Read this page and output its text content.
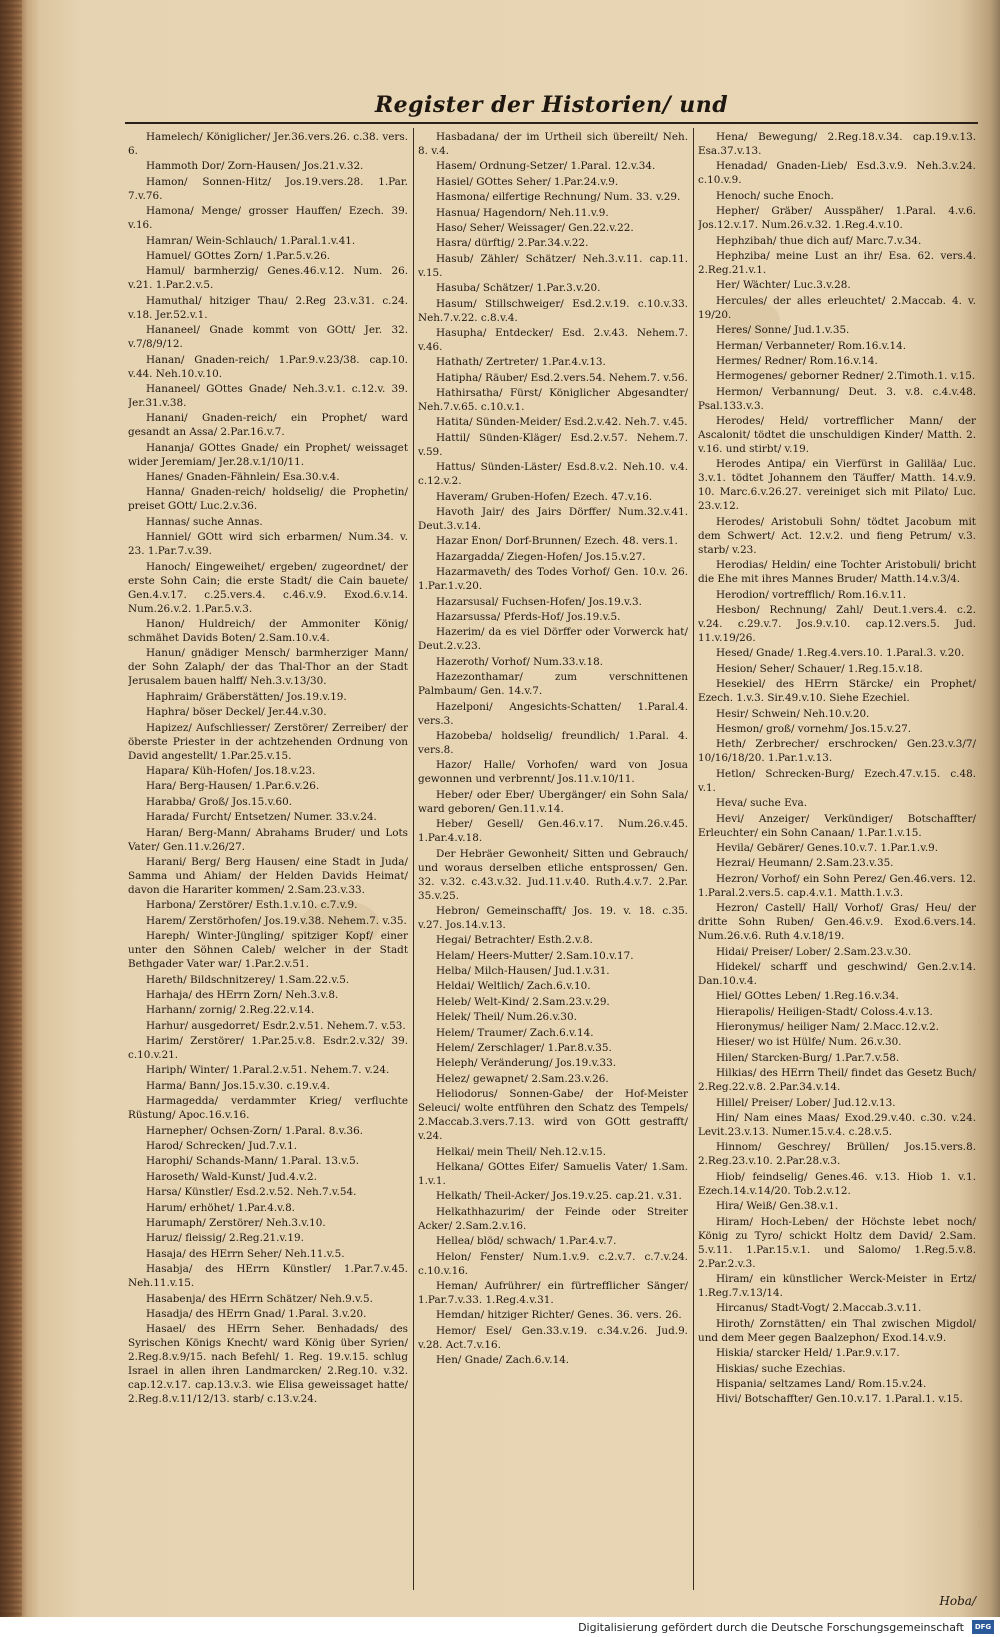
Register der Historien/ und

Hamelech/ Königlicher/ Jer.36.vers.26. c.38. vers. 6.

Hammoth Dor/ Zorn-Hausen/ Jos.21.v.32.

Hamon/ Sonnen-Hitz/ Jos.19.vers.28. 1.Par. 7.v.76.

Hamona/ Menge/ grosser Hauffen/ Ezech. 39. v.16.

Hamran/ Wein-Schlauch/ 1.Paral.1.v.41.

Hamuel/ GOttes Zorn/ 1.Par.5.v.26.

Hamul/ barmherzig/ Genes.46.v.12. Num. 26. v.21. 1.Par.2.v.5.

Hamuthal/ hitziger Thau/ 2.Reg 23.v.31. c.24. v.18. Jer.52.v.1.

Hananeel/ Gnade kommt von GOtt/ Jer. 32. v.7/8/9/12.

Hanan/ Gnaden-reich/ 1.Par.9.v.23/38. cap.10. v.44. Neh.10.v.10.

Hananeel/ GOttes Gnade/ Neh.3.v.1. c.12.v. 39. Jer.31.v.38.

Hanani/ Gnaden-reich/ ein Prophet/ ward gesandt an Assa/ 2.Par.16.v.7.

Hananja/ GOttes Gnade/ ein Prophet/ weissaget wider Jeremiam/ Jer.28.v.1/10/11.

Hanes/ Gnaden-Fähnlein/ Esa.30.v.4.

Hanna/ Gnaden-reich/ holdselig/ die Prophetin/ preiset GOtt/ Luc.2.v.36.

Hannas/ suche Annas.

Hanniel/ GOtt wird sich erbarmen/ Num.34. v. 23. 1.Par.7.v.39.

Hanoch/ Eingeweihet/ ergeben/ zugeordnet/ der erste Sohn Cain; die erste Stadt/ die Cain bauete/ Gen.4.v.17. c.25.vers.4. c.46.v.9. Exod.6.v.14. Num.26.v.2. 1.Par.5.v.3.

Hanon/ Huldreich/ der Ammoniter König/ schmähet Davids Boten/ 2.Sam.10.v.4.

Hanun/ gnädiger Mensch/ barmherziger Mann/ der Sohn Zalaph/ der das Thal-Thor an der Stadt Jerusalem bauen halff/ Neh.3.v.13/30.

Haphraim/ Gräberstätten/ Jos.19.v.19.

Haphra/ böser Deckel/ Jer.44.v.30.

Hapizez/ Aufschliesser/ Zerstörer/ Zerreiber/ der öberste Priester in der achtzehenden Ordnung von David angestellt/ 1.Par.25.v.15.

Hapara/ Küh-Hofen/ Jos.18.v.23.

Hara/ Berg-Hausen/ 1.Par.6.v.26.

Harabba/ Groß/ Jos.15.v.60.

Harada/ Furcht/ Entsetzen/ Numer. 33.v.24.

Haran/ Berg-Mann/ Abrahams Bruder/ und Lots Vater/ Gen.11.v.26/27.

Harani/ Berg/ Berg Hausen/ eine Stadt in Juda/ Samma und Ahiam/ der Helden Davids Heimat/ davon die Harariter kommen/ 2.Sam.23.v.33.

Harbona/ Zerstörer/ Esth.1.v.10. c.7.v.9.

Harem/ Zerstörhofen/ Jos.19.v.38. Nehem.7. v.35.

Hareph/ Winter-Jüngling/ spitziger Kopf/ einer unter den Söhnen Caleb/ welcher in der Stadt Bethgader Vater war/ 1.Par.2.v.51.

Hareth/ Bildschnitzerey/ 1.Sam.22.v.5.

Harhaja/ des HErrn Zorn/ Neh.3.v.8.

Harhann/ zornig/ 2.Reg.22.v.14.

Harhur/ ausgedorret/ Esdr.2.v.51. Nehem.7. v.53.

Harim/ Zerstörer/ 1.Par.25.v.8. Esdr.2.v.32/ 39. c.10.v.21.

Hariph/ Winter/ 1.Paral.2.v.51. Nehem.7. v.24.

Harma/ Bann/ Jos.15.v.30. c.19.v.4.

Harmagedda/ verdammter Krieg/ verfluchte Rüstung/ Apoc.16.v.16.

Harnepher/ Ochsen-Zorn/ 1.Paral. 8.v.36.

Harod/ Schrecken/ Jud.7.v.1.

Harophi/ Schands-Mann/ 1.Paral. 13.v.5.

Haroseth/ Wald-Kunst/ Jud.4.v.2.

Harsa/ Künstler/ Esd.2.v.52. Neh.7.v.54.

Harum/ erhöhet/ 1.Par.4.v.8.

Harumaph/ Zerstörer/ Neh.3.v.10.

Haruz/ fleissig/ 2.Reg.21.v.19.

Hasaja/ des HErrn Seher/ Neh.11.v.5.

Hasabja/ des HErrn Künstler/ 1.Par.7.v.45. Neh.11.v.15.

Hasabenja/ des HErrn Schätzer/ Neh.9.v.5.

Hasadja/ des HErrn Gnad/ 1.Paral. 3.v.20.

Hasael/ des HErrn Seher. Benhadads/ des Syrischen Königs Knecht/ ward König über Syrien/ 2.Reg.8.v.9/15. nach Befehl/ 1. Reg. 19.v.15. schlug Israel in allen ihren Landmarcken/ 2.Reg.10. v.32. cap.12.v.17. cap.13.v.3. wie Elisa geweissaget hatte/ 2.Reg.8.v.11/12/13. starb/ c.13.v.24.

Hasbadana/ der im Urtheil sich übereilt/ Neh. 8. v.4.

Hasem/ Ordnung-Setzer/ 1.Paral. 12.v.34.

Hasiel/ GOttes Seher/ 1.Par.24.v.9.

Hasmona/ eilfertige Rechnung/ Num. 33. v.29.

Hasnua/ Hagendorn/ Neh.11.v.9.

Haso/ Seher/ Weissager/ Gen.22.v.22.

Hasra/ dürftig/ 2.Par.34.v.22.

Hasub/ Zähler/ Schätzer/ Neh.3.v.11. cap.11. v.15.

Hasuba/ Schätzer/ 1.Par.3.v.20.

Hasum/ Stillschweiger/ Esd.2.v.19. c.10.v.33. Neh.7.v.22. c.8.v.4.

Hasupha/ Entdecker/ Esd. 2.v.43. Nehem.7. v.46.

Hathath/ Zertreter/ 1.Par.4.v.13.

Hatipha/ Räuber/ Esd.2.vers.54. Nehem.7. v.56.

Hathirsatha/ Fürst/ Königlicher Abgesandter/ Neh.7.v.65. c.10.v.1.

Hatita/ Sünden-Meider/ Esd.2.v.42. Neh.7. v.45.

Hattil/ Sünden-Kläger/ Esd.2.v.57. Nehem.7. v.59.

Hattus/ Sünden-Läster/ Esd.8.v.2. Neh.10. v.4. c.12.v.2.

Haveram/ Gruben-Hofen/ Ezech. 47.v.16.

Havoth Jair/ des Jairs Dörffer/ Num.32.v.41. Deut.3.v.14.

Hazar Enon/ Dorf-Brunnen/ Ezech. 48. vers.1.

Hazargadda/ Ziegen-Hofen/ Jos.15.v.27.

Hazarmaveth/ des Todes Vorhof/ Gen. 10.v. 26. 1.Par.1.v.20.

Hazarsusal/ Fuchsen-Hofen/ Jos.19.v.3.

Hazarsussa/ Pferds-Hof/ Jos.19.v.5.

Hazerim/ da es viel Dörffer oder Vorwerck hat/ Deut.2.v.23.

Hazeroth/ Vorhof/ Num.33.v.18.

Hazezonthamar/ zum verschnittenen Palmbaum/ Gen. 14.v.7.

Hazelponi/ Angesichts-Schatten/ 1.Paral.4. vers.3.

Hazobeba/ holdselig/ freundlich/ 1.Paral. 4. vers.8.

Hazor/ Halle/ Vorhofen/ ward von Josua gewonnen und verbrennt/ Jos.11.v.10/11.

Heber/ oder Eber/ Ubergänger/ ein Sohn Sala/ ward geboren/ Gen.11.v.14.

Heber/ Gesell/ Gen.46.v.17. Num.26.v.45. 1.Par.4.v.18.

Der Hebräer Gewonheit/ Sitten und Gebrauch/ und woraus derselben etliche entsprossen/ Gen. 32. v.32. c.43.v.32. Jud.11.v.40. Ruth.4.v.7. 2.Par. 35.v.25.

Hebron/ Gemeinschafft/ Jos. 19. v. 18. c.35. v.27. Jos.14.v.13.

Hegai/ Betrachter/ Esth.2.v.8.

Helam/ Heers-Mutter/ 2.Sam.10.v.17.

Helba/ Milch-Hausen/ Jud.1.v.31.

Heldai/ Weltlich/ Zach.6.v.10.

Heleb/ Welt-Kind/ 2.Sam.23.v.29.

Helek/ Theil/ Num.26.v.30.

Helem/ Traumer/ Zach.6.v.14.

Helem/ Zerschlager/ 1.Par.8.v.35.

Heleph/ Veränderung/ Jos.19.v.33.

Helez/ gewapnet/ 2.Sam.23.v.26.

Heliodorus/ Sonnen-Gabe/ der Hof-Meister Seleuci/ wolte entführen den Schatz des Tempels/ 2.Maccab.3.vers.7.13. wird von GOtt gestrafft/ v.24.

Helkai/ mein Theil/ Neh.12.v.15.

Helkana/ GOttes Eifer/ Samuelis Vater/ 1.Sam. 1.v.1.

Helkath/ Theil-Acker/ Jos.19.v.25. cap.21. v.31.

Helkathhazurim/ der Feinde oder Streiter Acker/ 2.Sam.2.v.16.

Hellea/ blöd/ schwach/ 1.Par.4.v.7.

Helon/ Fenster/ Num.1.v.9. c.2.v.7. c.7.v.24. c.10.v.16.

Heman/ Aufrührer/ ein fürtrefflicher Sänger/ 1.Par.7.v.33. 1.Reg.4.v.31.

Hemdan/ hitziger Richter/ Genes. 36. vers. 26.

Hemor/ Esel/ Gen.33.v.19. c.34.v.26. Jud.9. v.28. Act.7.v.16.

Hen/ Gnade/ Zach.6.v.14.

Hena/ Bewegung/ 2.Reg.18.v.34. cap.19.v.13. Esa.37.v.13.

Henadad/ Gnaden-Lieb/ Esd.3.v.9. Neh.3.v.24. c.10.v.9.

Henoch/ suche Enoch.

Hepher/ Gräber/ Ausspäher/ 1.Paral. 4.v.6. Jos.12.v.17. Num.26.v.32. 1.Reg.4.v.10.

Hephzibah/ thue dich auf/ Marc.7.v.34.

Hephziba/ meine Lust an ihr/ Esa. 62. vers.4. 2.Reg.21.v.1.

Her/ Wächter/ Luc.3.v.28.

Hercules/ der alles erleuchtet/ 2.Maccab. 4. v. 19/20.

Heres/ Sonne/ Jud.1.v.35.

Herman/ Verbanneter/ Rom.16.v.14.

Hermes/ Redner/ Rom.16.v.14.

Hermogenes/ geborner Redner/ 2.Timoth.1. v.15.

Hermon/ Verbannung/ Deut. 3. v.8. c.4.v.48. Psal.133.v.3.

Herodes/ Held/ vortrefflicher Mann/ der Ascalonit/ tödtet die unschuldigen Kinder/ Matth. 2. v.16. und stirbt/ v.19.

Herodes Antipa/ ein Vierfürst in Galiläa/ Luc. 3.v.1. tödtet Johannem den Täuffer/ Matth. 14.v.9. 10. Marc.6.v.26.27. vereiniget sich mit Pilato/ Luc. 23.v.12.

Herodes/ Aristobuli Sohn/ tödtet Jacobum mit dem Schwert/ Act. 12.v.2. und fieng Petrum/ v.3. starb/ v.23.

Herodias/ Heldin/ eine Tochter Aristobuli/ bricht die Ehe mit ihres Mannes Bruder/ Matth.14.v.3/4.

Herodion/ vortrefflich/ Rom.16.v.11.

Hesbon/ Rechnung/ Zahl/ Deut.1.vers.4. c.2. v.24. c.29.v.7. Jos.9.v.10. cap.12.vers.5. Jud. 11.v.19/26.

Hesed/ Gnade/ 1.Reg.4.vers.10. 1.Paral.3. v.20.

Hesion/ Seher/ Schauer/ 1.Reg.15.v.18.

Hesekiel/ des HErrn Stärcke/ ein Prophet/ Ezech. 1.v.3. Sir.49.v.10. Siehe Ezechiel.

Hesir/ Schwein/ Neh.10.v.20.

Hesmon/ groß/ vornehm/ Jos.15.v.27.

Heth/ Zerbrecher/ erschrocken/ Gen.23.v.3/7/ 10/16/18/20. 1.Par.1.v.13.

Hetlon/ Schrecken-Burg/ Ezech.47.v.15. c.48. v.1.

Heva/ suche Eva.

Hevi/ Anzeiger/ Verkündiger/ Botschaffter/ Erleuchter/ ein Sohn Canaan/ 1.Par.1.v.15.

Hevila/ Gebärer/ Genes.10.v.7. 1.Par.1.v.9.

Hezrai/ Heumann/ 2.Sam.23.v.35.

Hezron/ Vorhof/ ein Sohn Perez/ Gen.46.vers. 12. 1.Paral.2.vers.5. cap.4.v.1. Matth.1.v.3.

Hezron/ Castell/ Hall/ Vorhof/ Gras/ Heu/ der dritte Sohn Ruben/ Gen.46.v.9. Exod.6.vers.14. Num.26.v.6. Ruth 4.v.18/19.

Hidai/ Preiser/ Lober/ 2.Sam.23.v.30.

Hidekel/ scharff und geschwind/ Gen.2.v.14. Dan.10.v.4.

Hiel/ GOttes Leben/ 1.Reg.16.v.34.

Hierapolis/ Heiligen-Stadt/ Coloss.4.v.13.

Hieronymus/ heiliger Nam/ 2.Macc.12.v.2.

Hieser/ wo ist Hülfe/ Num. 26.v.30.

Hilen/ Starcken-Burg/ 1.Par.7.v.58.

Hilkias/ des HErrn Theil/ findet das Gesetz Buch/ 2.Reg.22.v.8. 2.Par.34.v.14.

Hillel/ Preiser/ Lober/ Jud.12.v.13.

Hin/ Nam eines Maas/ Exod.29.v.40. c.30. v.24. Levit.23.v.13. Numer.15.v.4. c.28.v.5.

Hinnom/ Geschrey/ Brüllen/ Jos.15.vers.8. 2.Reg.23.v.10. 2.Par.28.v.3.

Hiob/ feindselig/ Genes.46. v.13. Hiob 1. v.1. Ezech.14.v.14/20. Tob.2.v.12.

Hira/ Weiß/ Gen.38.v.1.

Hiram/ Hoch-Leben/ der Höchste lebet noch/ König zu Tyro/ schickt Holtz dem David/ 2.Sam. 5.v.11. 1.Par.15.v.1. und Salomo/ 1.Reg.5.v.8. 2.Par.2.v.3.

Hiram/ ein künstlicher Werck-Meister in Ertz/ 1.Reg.7.v.13/14.

Hircanus/ Stadt-Vogt/ 2.Maccab.3.v.11.

Hiroth/ Zornstätten/ ein Thal zwischen Migdol/ und dem Meer gegen Baalzephon/ Exod.14.v.9.

Hiskia/ starcker Held/ 1.Par.9.v.17.

Hiskias/ suche Ezechias.

Hispania/ seltzames Land/ Rom.15.v.24.

Hivi/ Botschaffter/ Gen.10.v.17. 1.Paral.1. v.15.

Hoba/
Digitalisierung gefördert durch die Deutsche Forschungsgemeinschaft	DFG
